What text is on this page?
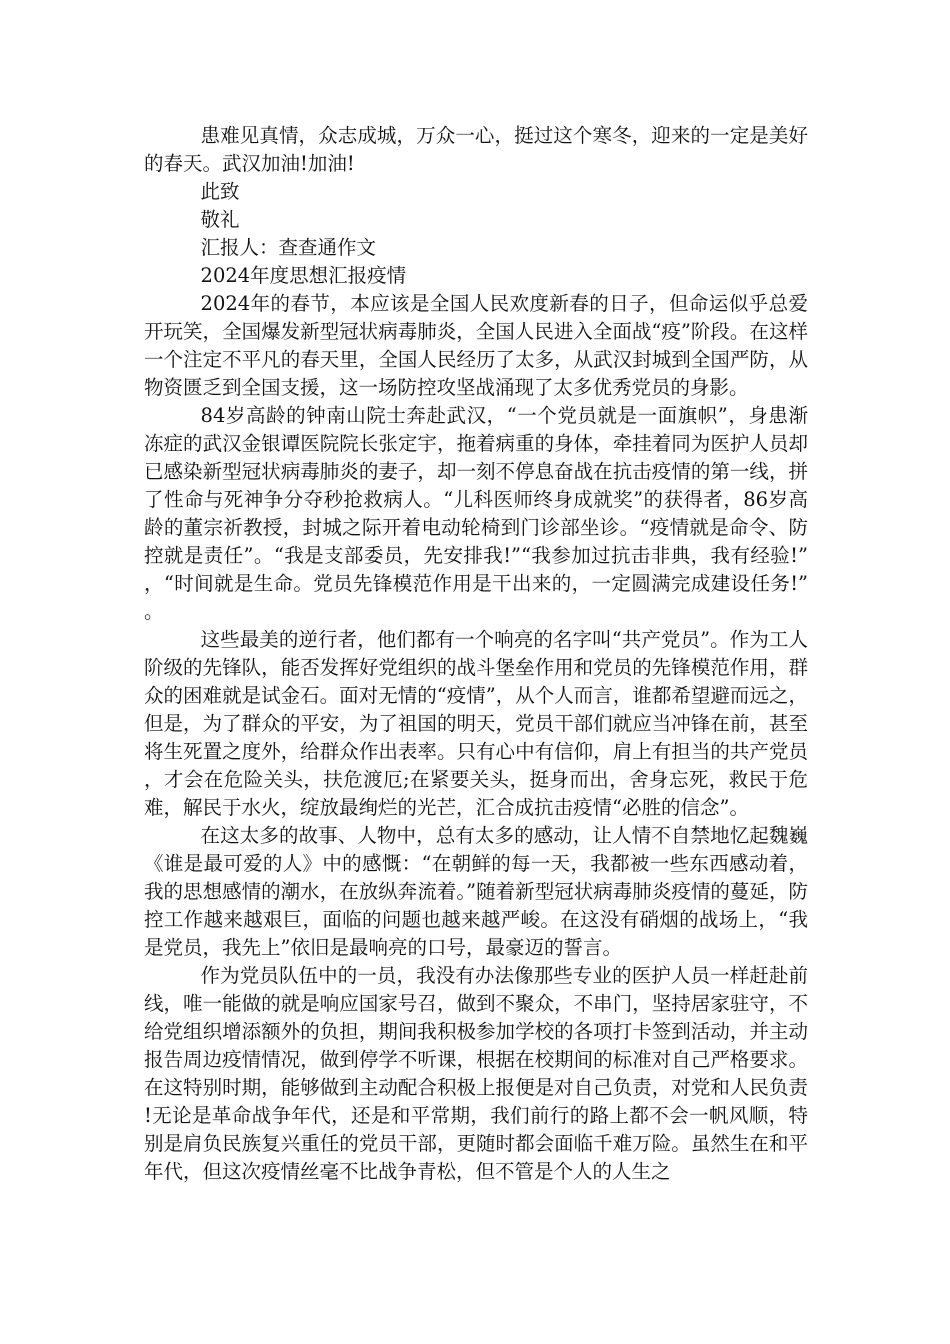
患难见真情，众志成城，万众一心，挺过这个寒冬，迎来的一定是美好的春天。武汉加油!加油!

此致

敬礼

汇报人：查查通作文

2024年度思想汇报疫情

2024年的春节，本应该是全国人民欢度新春的日子，但命运似乎总爱开玩笑，全国爆发新型冠状病毒肺炎，全国人民进入全面战“疫”阶段。在这样一个注定不平凡的春天里，全国人民经历了太多，从武汉封城到全国严防，从物资匮乏到全国支援，这一场防控攻坚战涌现了太多优秀党员的身影。

84岁高龄的钟南山院士奔赴武汉，“一个党员就是一面旗帜”，身患渐冻症的武汉金银谭医院院长张定宇，拖着病重的身体，牵挂着同为医护人员却已感染新型冠状病毒肺炎的妻子，却一刻不停息奋战在抗击疫情的第一线，拼了性命与死神争分夺秒抢救病人。“儿科医师终身成就奖”的获得者，86岁高龄的董宗祈教授，封城之际开着电动轮椅到门诊部坐诊。“疫情就是命令、防控就是责任”。“我是支部委员，先安排我!”“我参加过抗击非典，我有经验!”，“时间就是生命。党员先锋模范作用是干出来的，一定圆满完成建设任务!”。

这些最美的逆行者，他们都有一个响亮的名字叫“共产党员”。作为工人阶级的先锋队，能否发挥好党组织的战斗堡垒作用和党员的先锋模范作用，群众的困难就是试金石。面对无情的“疫情”，从个人而言，谁都希望避而远之，但是，为了群众的平安，为了祖国的明天，党员干部们就应当冲锋在前，甚至将生死置之度外，给群众作出表率。只有心中有信仰，肩上有担当的共产党员，才会在危险关头，扶危渡厄;在紧要关头，挺身而出，舍身忘死，救民于危难，解民于水火，绽放最绚烂的光芒，汇合成抗击疫情“必胜的信念”。

在这太多的故事、人物中，总有太多的感动，让人情不自禁地忆起魏巍《谁是最可爱的人》中的感慨：“在朝鲜的每一天，我都被一些东西感动着，我的思想感情的潮水，在放纵奔流着。”随着新型冠状病毒肺炎疫情的蔓延，防控工作越来越艰巨，面临的问题也越来越严峻。在这没有硝烟的战场上，“我是党员，我先上”依旧是最响亮的口号，最豪迈的誓言。

作为党员队伍中的一员，我没有办法像那些专业的医护人员一样赶赴前线，唯一能做的就是响应国家号召，做到不聚众，不串门，坚持居家驻守，不给党组织增添额外的负担，期间我积极参加学校的各项打卡签到活动，并主动报告周边疫情情况，做到停学不听课，根据在校期间的标准对自己严格要求。在这特别时期，能够做到主动配合积极上报便是对自己负责，对党和人民负责!无论是革命战争年代，还是和平常期，我们前行的路上都不会一帆风顺，特别是肩负民族复兴重任的党员干部，更随时都会面临千难万险。虽然生在和平年代，但这次疫情丝毫不比战争青松，但不管是个人的人生之
